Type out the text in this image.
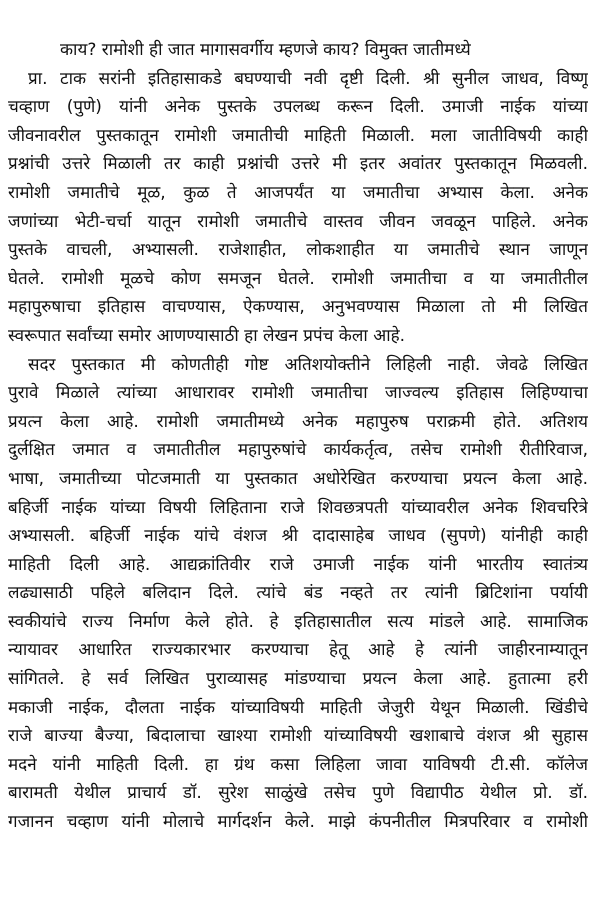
काय? रामोशी ही जात मागासवर्गीय म्हणजे काय? विमुक्त जातीमध्ये
प्रा. टाक सरांनी इतिहासाकडे बघण्याची नवी दृष्टी दिली. श्री सुनील जाधव, विष्णू
चव्हाण (पुणे) यांनी अनेक पुस्तके उपलब्ध करून दिली. उमाजी नाईक यांच्या
जीवनावरील पुस्तकातून रामोशी जमातीची माहिती मिळाली. मला जातीविषयी काही
प्रश्नांची उत्तरे मिळाली तर काही प्रश्नांची उत्तरे मी इतर अवांतर पुस्तकातून मिळवली.
रामोशी जमातीचे मूळ, कुळ ते आजपर्यंत या जमातीचा अभ्यास केला. अनेक
जणांच्या भेटी-चर्चा यातून रामोशी जमातीचे वास्तव जीवन जवळून पाहिले. अनेक
पुस्तके वाचली, अभ्यासली. राजेशाहीत, लोकशाहीत या जमातीचे स्थान जाणून
घेतले. रामोशी मूळचे कोण समजून घेतले. रामोशी जमातीचा व या जमातीतील
महापुरुषाचा इतिहास वाचण्यास, ऐकण्यास, अनुभवण्यास मिळाला तो मी लिखित
स्वरूपात सर्वांच्या समोर आणण्यासाठी हा लेखन प्रपंच केला आहे.
सदर पुस्तकात मी कोणतीही गोष्ट अतिशयोक्तीने लिहिली नाही. जेवढे लिखित
पुरावे मिळाले त्यांच्या आधारावर रामोशी जमातीचा जाज्वल्य इतिहास लिहिण्याचा
प्रयत्न केला आहे. रामोशी जमातीमध्ये अनेक महापुरुष पराक्रमी होते. अतिशय
दुर्लक्षित जमात व जमातीतील महापुरुषांचे कार्यकर्तृत्व, तसेच रामोशी रीतीरिवाज,
भाषा, जमातीच्या पोटजमाती या पुस्तकात अधोरेखित करण्याचा प्रयत्न केला आहे.
बहिर्जी नाईक यांच्या विषयी लिहिताना राजे शिवछत्रपती यांच्यावरील अनेक शिवचरित्रे
अभ्यासली. बहिर्जी नाईक यांचे वंशज श्री दादासाहेब जाधव (सुपणे) यांनीही काही
माहिती दिली आहे. आद्यक्रांतिवीर राजे उमाजी नाईक यांनी भारतीय स्वातंत्र्य
लढ्यासाठी पहिले बलिदान दिले. त्यांचे बंड नव्हते तर त्यांनी ब्रिटिशांना पर्यायी
स्वकीयांचे राज्य निर्माण केले होते. हे इतिहासातील सत्य मांडले आहे. सामाजिक
न्यायावर आधारित राज्यकारभार करण्याचा हेतू आहे हे त्यांनी जाहीरनाम्यातून
सांगितले. हे सर्व लिखित पुराव्यासह मांडण्याचा प्रयत्न केला आहे. हुतात्मा हरी
मकाजी नाईक, दौलता नाईक यांच्याविषयी माहिती जेजुरी येथून मिळाली. खिंडीचे
राजे बाज्या बैज्या, बिदालाचा खाश्या रामोशी यांच्याविषयी खशाबाचे वंशज श्री सुहास
मदने यांनी माहिती दिली. हा ग्रंथ कसा लिहिला जावा याविषयी टी.सी. कॉलेज
बारामती येथील प्राचार्य डॉ. सुरेश साळुंखे तसेच पुणे विद्यापीठ येथील प्रो. डॉ.
गजानन चव्हाण यांनी मोलाचे मार्गदर्शन केले. माझे कंपनीतील मित्रपरिवार व रामोशी
